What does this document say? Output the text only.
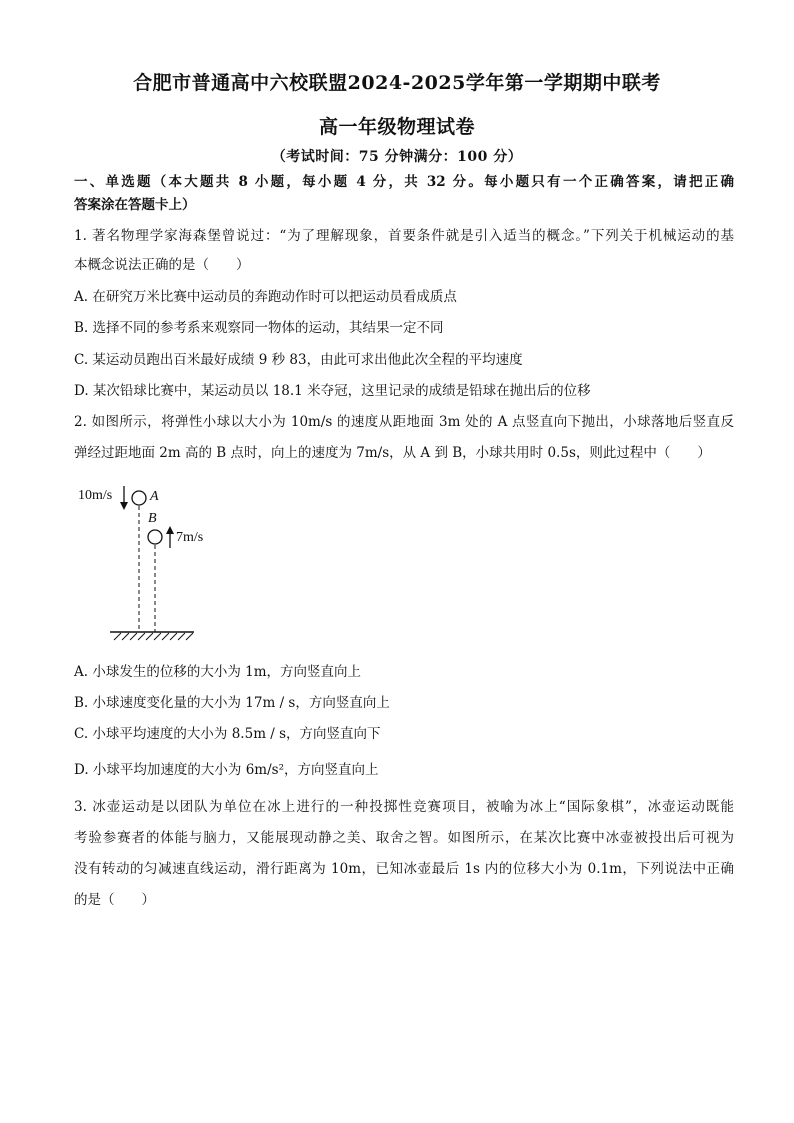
合肥市普通高中六校联盟2024-2025学年第一学期期中联考
高一年级物理试卷
（考试时间：75 分钟满分：100 分）
一、单选题（本大题共 8 小题，每小题 4 分，共 32 分。每小题只有一个正确答案，请把正确
答案涂在答题卡上）
1. 著名物理学家海森堡曾说过：“为了理解现象，首要条件就是引入适当的概念。”下列关于机械运动的基
本概念说法正确的是（　　）
A. 在研究万米比赛中运动员的奔跑动作时可以把运动员看成质点
B. 选择不同的参考系来观察同一物体的运动，其结果一定不同
C. 某运动员跑出百米最好成绩 9 秒 83，由此可求出他此次全程的平均速度
D. 某次铅球比赛中，某运动员以 18.1 米夺冠，这里记录的成绩是铅球在抛出后的位移
2. 如图所示，将弹性小球以大小为 10m/s 的速度从距地面 3m 处的 A 点竖直向下抛出，小球落地后竖直反
弹经过距地面 2m 高的 B 点时，向上的速度为 7m/s，从 A 到 B，小球共用时 0.5s，则此过程中（　　）
10m/s	A
B
7m/s
A. 小球发生的位移的大小为 1m，方向竖直向上
B. 小球速度变化量的大小为 17m / s，方向竖直向上
C. 小球平均速度的大小为 8.5m / s，方向竖直向下
D. 小球平均加速度的大小为 6m/s²，方向竖直向上
3. 冰壶运动是以团队为单位在冰上进行的一种投掷性竞赛项目，被喻为冰上“国际象棋”，冰壶运动既能
考验参赛者的体能与脑力，又能展现动静之美、取舍之智。如图所示，在某次比赛中冰壶被投出后可视为
没有转动的匀减速直线运动，滑行距离为 10m，已知冰壶最后 1s 内的位移大小为 0.1m，下列说法中正确
的是（　　）
